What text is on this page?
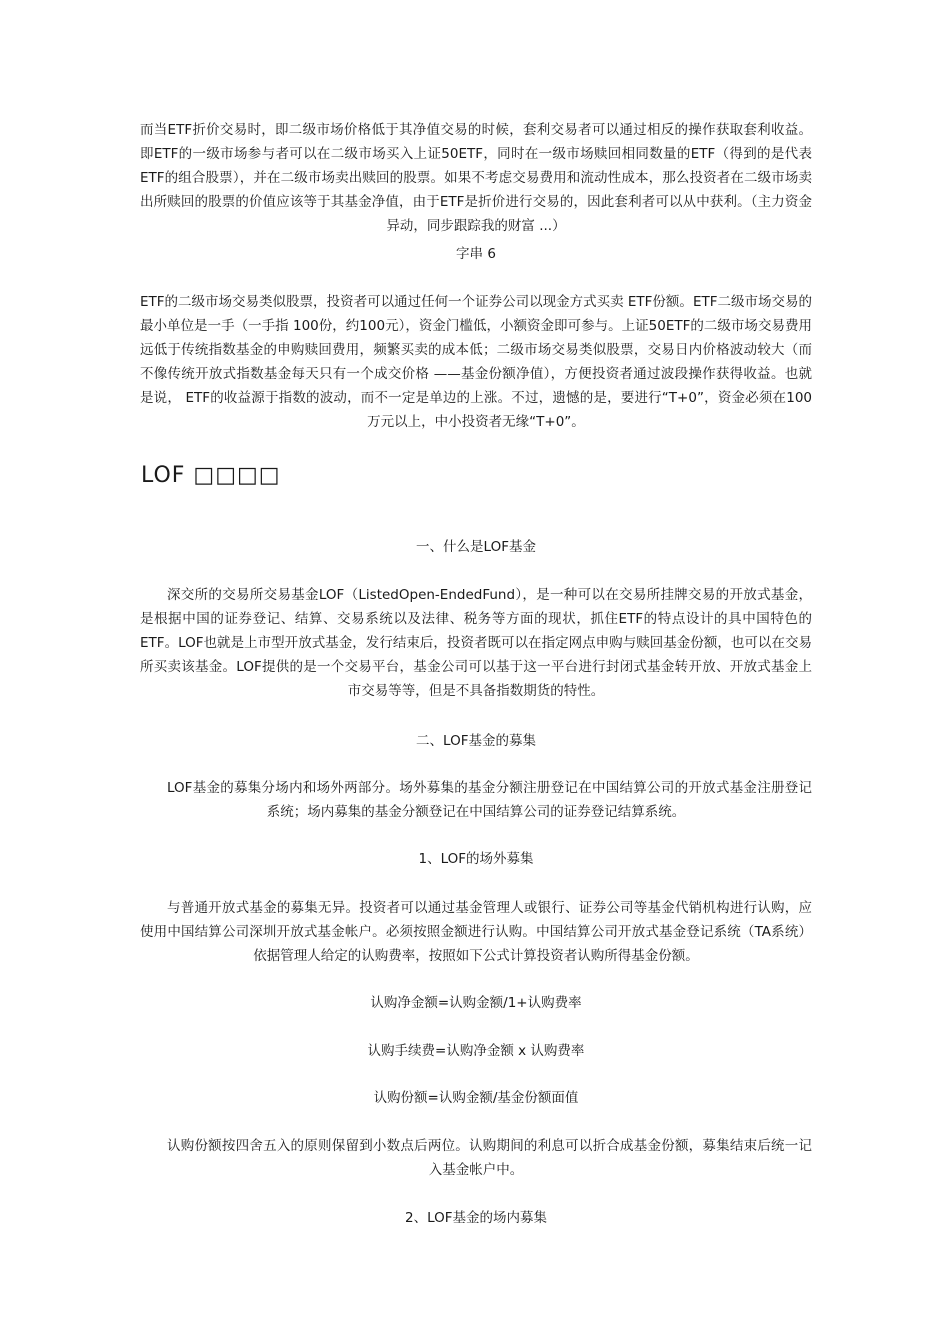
而当ETF折价交易时，即二级市场价格低于其净值交易的时候，套利交易者可以通过相反的操作获取套利收益。即ETF的一级市场参与者可以在二级市场买入上证50ETF，同时在一级市场赎回相同数量的ETF（得到的是代表ETF的组合股票），并在二级市场卖出赎回的股票。如果不考虑交易费用和流动性成本，那么投资者在二级市场卖出所赎回的股票的价值应该等于其基金净值，由于ETF是折价进行交易的，因此套利者可以从中获利。（主力资金异动，同步跟踪我的财富 ...）

字串 6

ETF的二级市场交易类似股票，投资者可以通过任何一个证券公司以现金方式买卖 ETF份额。ETF二级市场交易的最小单位是一手（一手指 100份，约100元），资金门槛低，小额资金即可参与。上证50ETF的二级市场交易费用远低于传统指数基金的申购赎回费用，频繁买卖的成本低；二级市场交易类似股票，交易日内价格波动较大（而不像传统开放式指数基金每天只有一个成交价格 ——基金份额净值），方便投资者通过波段操作获得收益。也就是说， ETF的收益源于指数的波动，而不一定是单边的上涨。不过，遗憾的是，要进行“T+0”，资金必须在100万元以上，中小投资者无缘“T+0”。

LOF □□□□

一、什么是LOF基金

深交所的交易所交易基金LOF（ListedOpen-EndedFund），是一种可以在交易所挂牌交易的开放式基金，是根据中国的证券登记、结算、交易系统以及法律、税务等方面的现状，抓住ETF的特点设计的具中国特色的ETF。LOF也就是上市型开放式基金，发行结束后，投资者既可以在指定网点申购与赎回基金份额，也可以在交易所买卖该基金。LOF提供的是一个交易平台，基金公司可以基于这一平台进行封闭式基金转开放、开放式基金上市交易等等，但是不具备指数期货的特性。

二、LOF基金的募集

LOF基金的募集分场内和场外两部分。场外募集的基金分额注册登记在中国结算公司的开放式基金注册登记系统；场内募集的基金分额登记在中国结算公司的证券登记结算系统。

1、LOF的场外募集

与普通开放式基金的募集无异。投资者可以通过基金管理人或银行、证券公司等基金代销机构进行认购，应使用中国结算公司深圳开放式基金帐户。必须按照金额进行认购。中国结算公司开放式基金登记系统（TA系统）依据管理人给定的认购费率，按照如下公式计算投资者认购所得基金份额。

认购净金额=认购金额/1+认购费率

认购手续费=认购净金额 x 认购费率

认购份额=认购金额/基金份额面值

认购份额按四舍五入的原则保留到小数点后两位。认购期间的利息可以折合成基金份额，募集结束后统一记入基金帐户中。

2、LOF基金的场内募集
